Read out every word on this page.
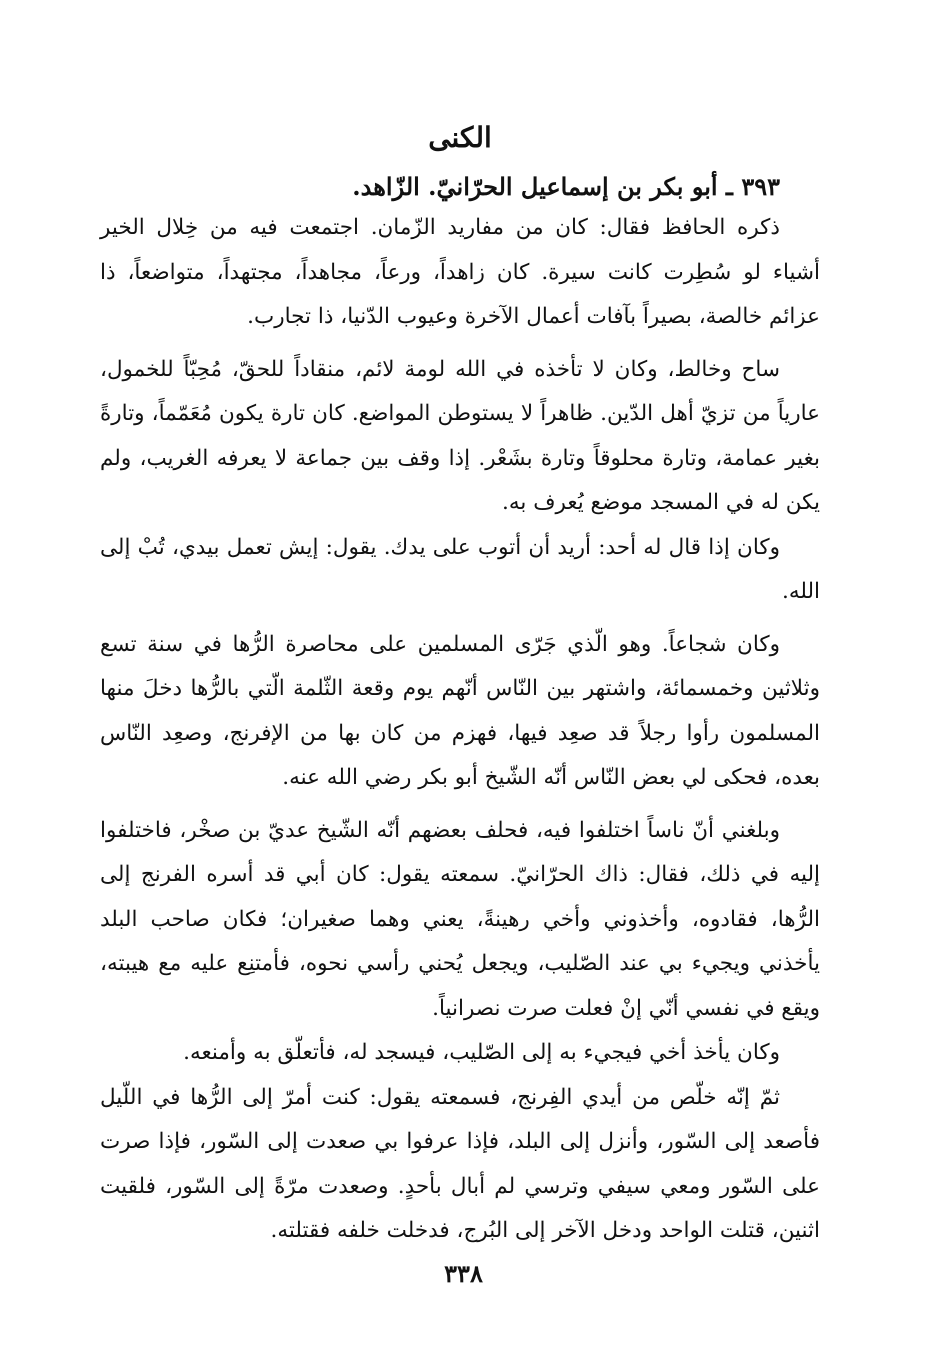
الكنى
٣٩٣ ـ أبو بكر بن إسماعيل الحرّانيّ. الزّاهد.

ذكره الحافظ فقال: كان من مفاريد الزّمان. اجتمعت فيه من خِلال الخير أشياء لو سُطِرت كانت سيرة. كان زاهداً، ورعاً، مجاهداً، مجتهداً، متواضعاً، ذا عزائم خالصة، بصيراً بآفات أعمال الآخرة وعيوب الدّنيا، ذا تجارب.

ساح وخالط، وكان لا تأخذه في الله لومة لائم، منقاداً للحقّ، مُحِبّاً للخمول، عارياً من تزيّ أهل الدّين. ظاهراً لا يستوطن المواضع. كان تارة يكون مُعَمّماً، وتارةً بغير عمامة، وتارة محلوقاً وتارة بشَعْر. إذا وقف بين جماعة لا يعرفه الغريب، ولم يكن له في المسجد موضع يُعرف به.

وكان إذا قال له أحد: أريد أن أتوب على يدك. يقول: إيش تعمل بيدي، تُبْ إلى الله.

وكان شجاعاً. وهو الّذي جَرّى المسلمين على محاصرة الرُّها في سنة تسع وثلاثين وخمسمائة، واشتهر بين النّاس أنّهم يوم وقعة الثّلمة الّتي بالرُّها دخلَ منها المسلمون رأوا رجلاً قد صعِد فيها، فهزم من كان بها من الإفرنج، وصعِد النّاس بعده، فحكى لي بعض النّاس أنّه الشّيخ أبو بكر رضي الله عنه.

وبلغني أنّ ناساً اختلفوا فيه، فحلف بعضهم أنّه الشّيخ عديّ بن صخْر، فاختلفوا إليه في ذلك، فقال: ذاك الحرّانيّ. سمعته يقول: كان أبي قد أسره الفرنج إلى الرُّها، فقادوه، وأخذوني وأخي رهينةً، يعني وهما صغيران؛ فكان صاحب البلد يأخذني ويجيء بي عند الصّليب، ويجعل يُحني رأسي نحوه، فأمتنِع عليه مع هيبته، ويقع في نفسي أنّي إنْ فعلت صرت نصرانياً.

وكان يأخذ أخي فيجيء به إلى الصّليب، فيسجد له، فأتعلّق به وأمنعه.

ثمّ إنّه خلّص من أيدي الفِرنج، فسمعته يقول: كنت أمرّ إلى الرُّها في اللّيل فأصعد إلى السّور، وأنزل إلى البلد، فإذا عرفوا بي صعدت إلى السّور، فإذا صرت على السّور ومعي سيفي وترسي لم أبال بأحدٍ. وصعدت مرّةً إلى السّور، فلقيت اثنين، قتلت الواحد ودخل الآخر إلى البُرج، فدخلت خلفه فقتلته.

٣٣٨
